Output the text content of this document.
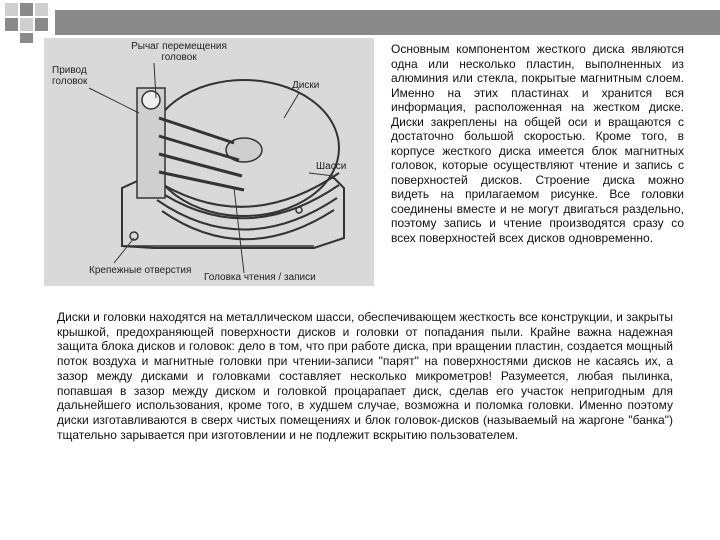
Рычаг перемещения головок
Привод головок	Диски
Шасси
Крепежные отверстия
Головка чтения / записи
Основным компонентом жесткого диска являются одна или несколько пластин, выполненных из алюминия или стекла, покрытые магнитным слоем. Именно на этих пластинах и хранится вся информация, расположенная на жестком диске. Диски закреплены на общей оси и вращаются с достаточно большой скоростью. Кроме того, в корпусе жесткого диска имеется блок магнитных головок, которые осуществляют чтение и запись с поверхностей дисков. Строение диска можно видеть на прилагаемом рисунке. Все головки соединены вместе и не могут двигаться раздельно, поэтому запись и чтение производятся сразу со всех поверхностей всех дисков одновременно.
Диски и головки находятся на металлическом шасси, обеспечивающем жесткость все конструкции, и закрыты крышкой, предохраняющей поверхности дисков и головки от попадания пыли. Крайне важна надежная защита блока дисков и головок: дело в том, что при работе диска, при вращении пластин, создается мощный поток воздуха и магнитные головки при чтении-записи "парят" на поверхностями дисков не касаясь их, а зазор между дисками и головками составляет несколько микрометров! Разумеется, любая пылинка, попавшая в зазор между диском и головкой процарапает диск, сделав его участок непригодным для дальнейшего использования, кроме того, в худшем случае, возможна и поломка головки. Именно поэтому диски изготавливаются в сверх чистых помещениях и блок головок-дисков (называемый на жаргоне "банка") тщательно зарывается при изготовлении и не подлежит вскрытию пользователем.
